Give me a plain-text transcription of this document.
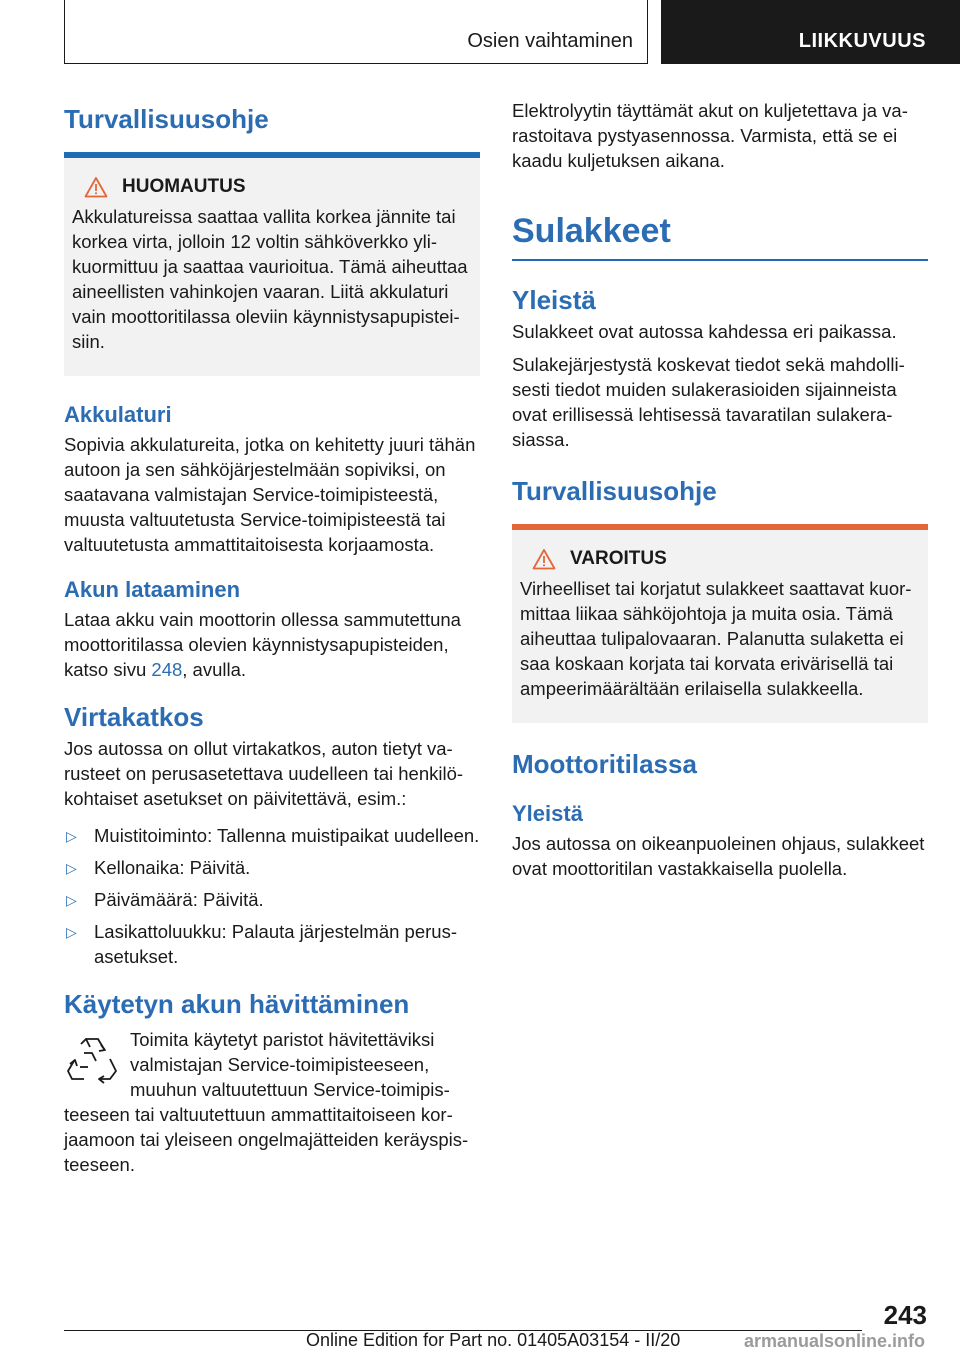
Osien vaihtaminen	LIIKKUVUUS
Turvallisuusohje
HUOMAUTUS

Akkulatureissa saattaa vallita korkea jännite tai korkea virta, jolloin 12 voltin sähköverkko ylikuormittuu ja saattaa vaurioitua. Tämä aiheuttaa aineellisten vahinkojen vaaran. Liitä akkulaturi vain moottoritilassa oleviin käynnistysapupisteisiin.

Akkulaturi

Sopivia akkulatureita, jotka on kehitetty juuri tähän autoon ja sen sähköjärjestelmään sopiviksi, on saatavana valmistajan Service-toimipisteestä, muusta valtuutetusta Service-toimipisteestä tai valtuutetusta ammattitaitoisesta korjaamosta.

Akun lataaminen

Lataa akku vain moottorin ollessa sammutettuna moottoritilassa olevien käynnistysapupisteiden, katso sivu 248, avulla.

Virtakatkos

Jos autossa on ollut virtakatkos, auton tietyt varusteet on perusasetettava uudelleen tai henkilökohtaiset asetukset on päivitettävä, esim.:

▷ Muistitoiminto: Tallenna muistipaikat uudelleen.
▷ Kellonaika: Päivitä.
▷ Päivämäärä: Päivitä.
▷ Lasikattoluukku: Palauta järjestelmän perusasetukset.
Käytetyn akun hävittäminen

Toimita käytetyt paristot hävitettäviksi valmistajan Service-toimipisteeseen, muuhun valtuutettuun Service-toimipisteeseen tai valtuutettuun ammattitaitoiseen korjaamoon tai yleiseen ongelmajätteiden keräyspisteeseen.

Elektrolyytin täyttämät akut on kuljetettava ja varastoitava pystyasennossa. Varmista, että se ei kaadu kuljetuksen aikana.

Sulakkeet
Yleistä

Sulakkeet ovat autossa kahdessa eri paikassa.

Sulakejärjestystä koskevat tiedot sekä mahdollisesti tiedot muiden sulakerasioiden sijainneista ovat erillisessä lehtisessä tavaratilan sulakerasiassa.

Turvallisuusohje
VAROITUS

Virheelliset tai korjatut sulakkeet saattavat kuormittaa liikaa sähköjohtoja ja muita osia. Tämä aiheuttaa tulipalovaaran. Palanutta sulaketta ei saa koskaan korjata tai korvata erivärisellä tai ampeerimäärältään erilaisella sulakkeella.

Moottoritilassa
Yleistä

Jos autossa on oikeanpuoleinen ohjaus, sulakkeet ovat moottoritilan vastakkaisella puolella.

243
Online Edition for Part no. 01405A03154 - II/20	armanualsonline.info
